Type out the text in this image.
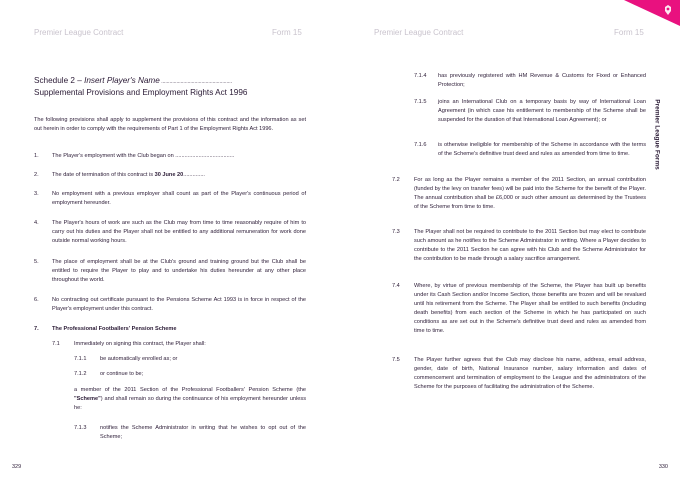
Premier League Contract	Form 15
Schedule 2 – Insert Player's Name ...................................................
Supplemental Provisions and Employment Rights Act 1996
The following provisions shall apply to supplement the provisions of this contract and the information as set out herein in order to comply with the requirements of Part 1 of the Employment Rights Act 1996.
1. The Player's employment with the Club began on ......................................
2. The date of termination of this contract is 30 June 20..............
3. No employment with a previous employer shall count as part of the Player's continuous period of employment hereunder.
4. The Player's hours of work are such as the Club may from time to time reasonably require of him to carry out his duties and the Player shall not be entitled to any additional remuneration for work done outside normal working hours.
5. The place of employment shall be at the Club's ground and training ground but the Club shall be entitled to require the Player to play and to undertake his duties hereunder at any other place throughout the world.
6. No contracting out certificate pursuant to the Pensions Scheme Act 1993 is in force in respect of the Player's employment under this contract.
7. The Professional Footballers' Pension Scheme
7.1	Immediately on signing this contract, the Player shall:
7.1.1 be automatically enrolled as; or
7.1.2 or continue to be;
a member of the 2011 Section of the Professional Footballers' Pension Scheme (the "Scheme") and shall remain so during the continuance of his employment hereunder unless he:
7.1.3 notifies the Scheme Administrator in writing that he wishes to opt out of the Scheme;
329
Premier League Contract	Form 15
7.1.4 has previously registered with HM Revenue & Customs for Fixed or Enhanced Protection;
7.1.5 joins an International Club on a temporary basis by way of International Loan Agreement (in which case his entitlement to membership of the Scheme shall be suspended for the duration of that International Loan Agreement); or
7.1.6 is otherwise ineligible for membership of the Scheme in accordance with the terms of the Scheme's definitive trust deed and rules as amended from time to time.
7.2	For as long as the Player remains a member of the 2011 Section, an annual contribution (funded by the levy on transfer fees) will be paid into the Scheme for the benefit of the Player. The annual contribution shall be £6,000 or such other amount as determined by the Trustees of the Scheme from time to time.
7.3	The Player shall not be required to contribute to the 2011 Section but may elect to contribute such amount as he notifies to the Scheme Administrator in writing. Where a Player decides to contribute to the 2011 Section he can agree with his Club and the Scheme Administrator for the contribution to be made through a salary sacrifice arrangement.
7.4	Where, by virtue of previous membership of the Scheme, the Player has built up benefits under its Cash Section and/or Income Section, those benefits are frozen and will be revalued until his retirement from the Scheme. The Player shall be entitled to such benefits (including death benefits) from each section of the Scheme in which he has participated on such conditions as are set out in the Scheme's definitive trust deed and rules as amended from time to time.
7.5	The Player further agrees that the Club may disclose his name, address, email address, gender, date of birth, National Insurance number, salary information and dates of commencement and termination of employment to the League and the administrators of the Scheme for the purposes of facilitating the administration of the Scheme.
330
Premier League Forms
